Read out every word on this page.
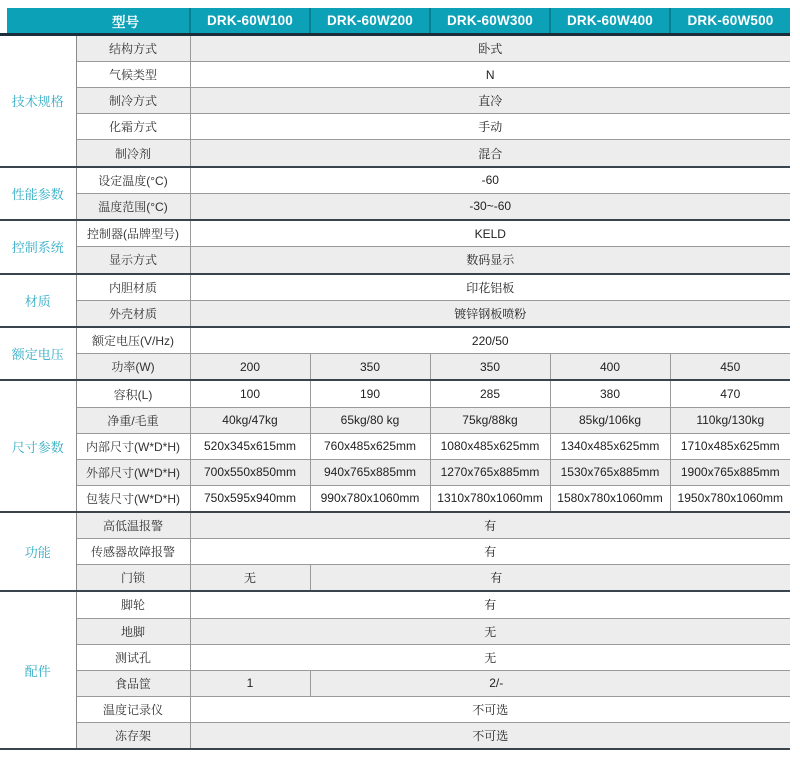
型号		DRK-60W100	DRK-60W200	DRK-60W300	DRK-60W400	DRK-60W500
技术规格	结构方式	卧式				
	气候类型	N				
	制冷方式	直冷				
	化霜方式	手动				
	制冷剂	混合				
性能参数	设定温度(°C)	-60				
	温度范围(°C)	-30~-60				
控制系统	控制器(品牌型号)	KELD				
	显示方式	数码显示				
材质	内胆材质	印花铝板				
	外壳材质	镀锌钢板喷粉				
额定电压	额定电压(V/Hz)	220/50				
	功率(W)	200	350	350	400	450
尺寸参数	容积(L)	100	190	285	380	470
	净重/毛重	40kg/47kg	65kg/80 kg	75kg/88kg	85kg/106kg	110kg/130kg
	内部尺寸(W*D*H)	520x345x615mm	760x485x625mm	1080x485x625mm	1340x485x625mm	1710x485x625mm
	外部尺寸(W*D*H)	700x550x850mm	940x765x885mm	1270x765x885mm	1530x765x885mm	1900x765x885mm
	包装尺寸(W*D*H)	750x595x940mm	990x780x1060mm	1310x780x1060mm	1580x780x1060mm	1950x780x1060mm
功能	高低温报警	有				
	传感器故障报警	有				
	门锁	无	有			
配件	脚轮	有				
	地脚	无				
	测试孔	无				
	食品筐	1	2/-			
	温度记录仪	不可选				
	冻存架	不可选				
